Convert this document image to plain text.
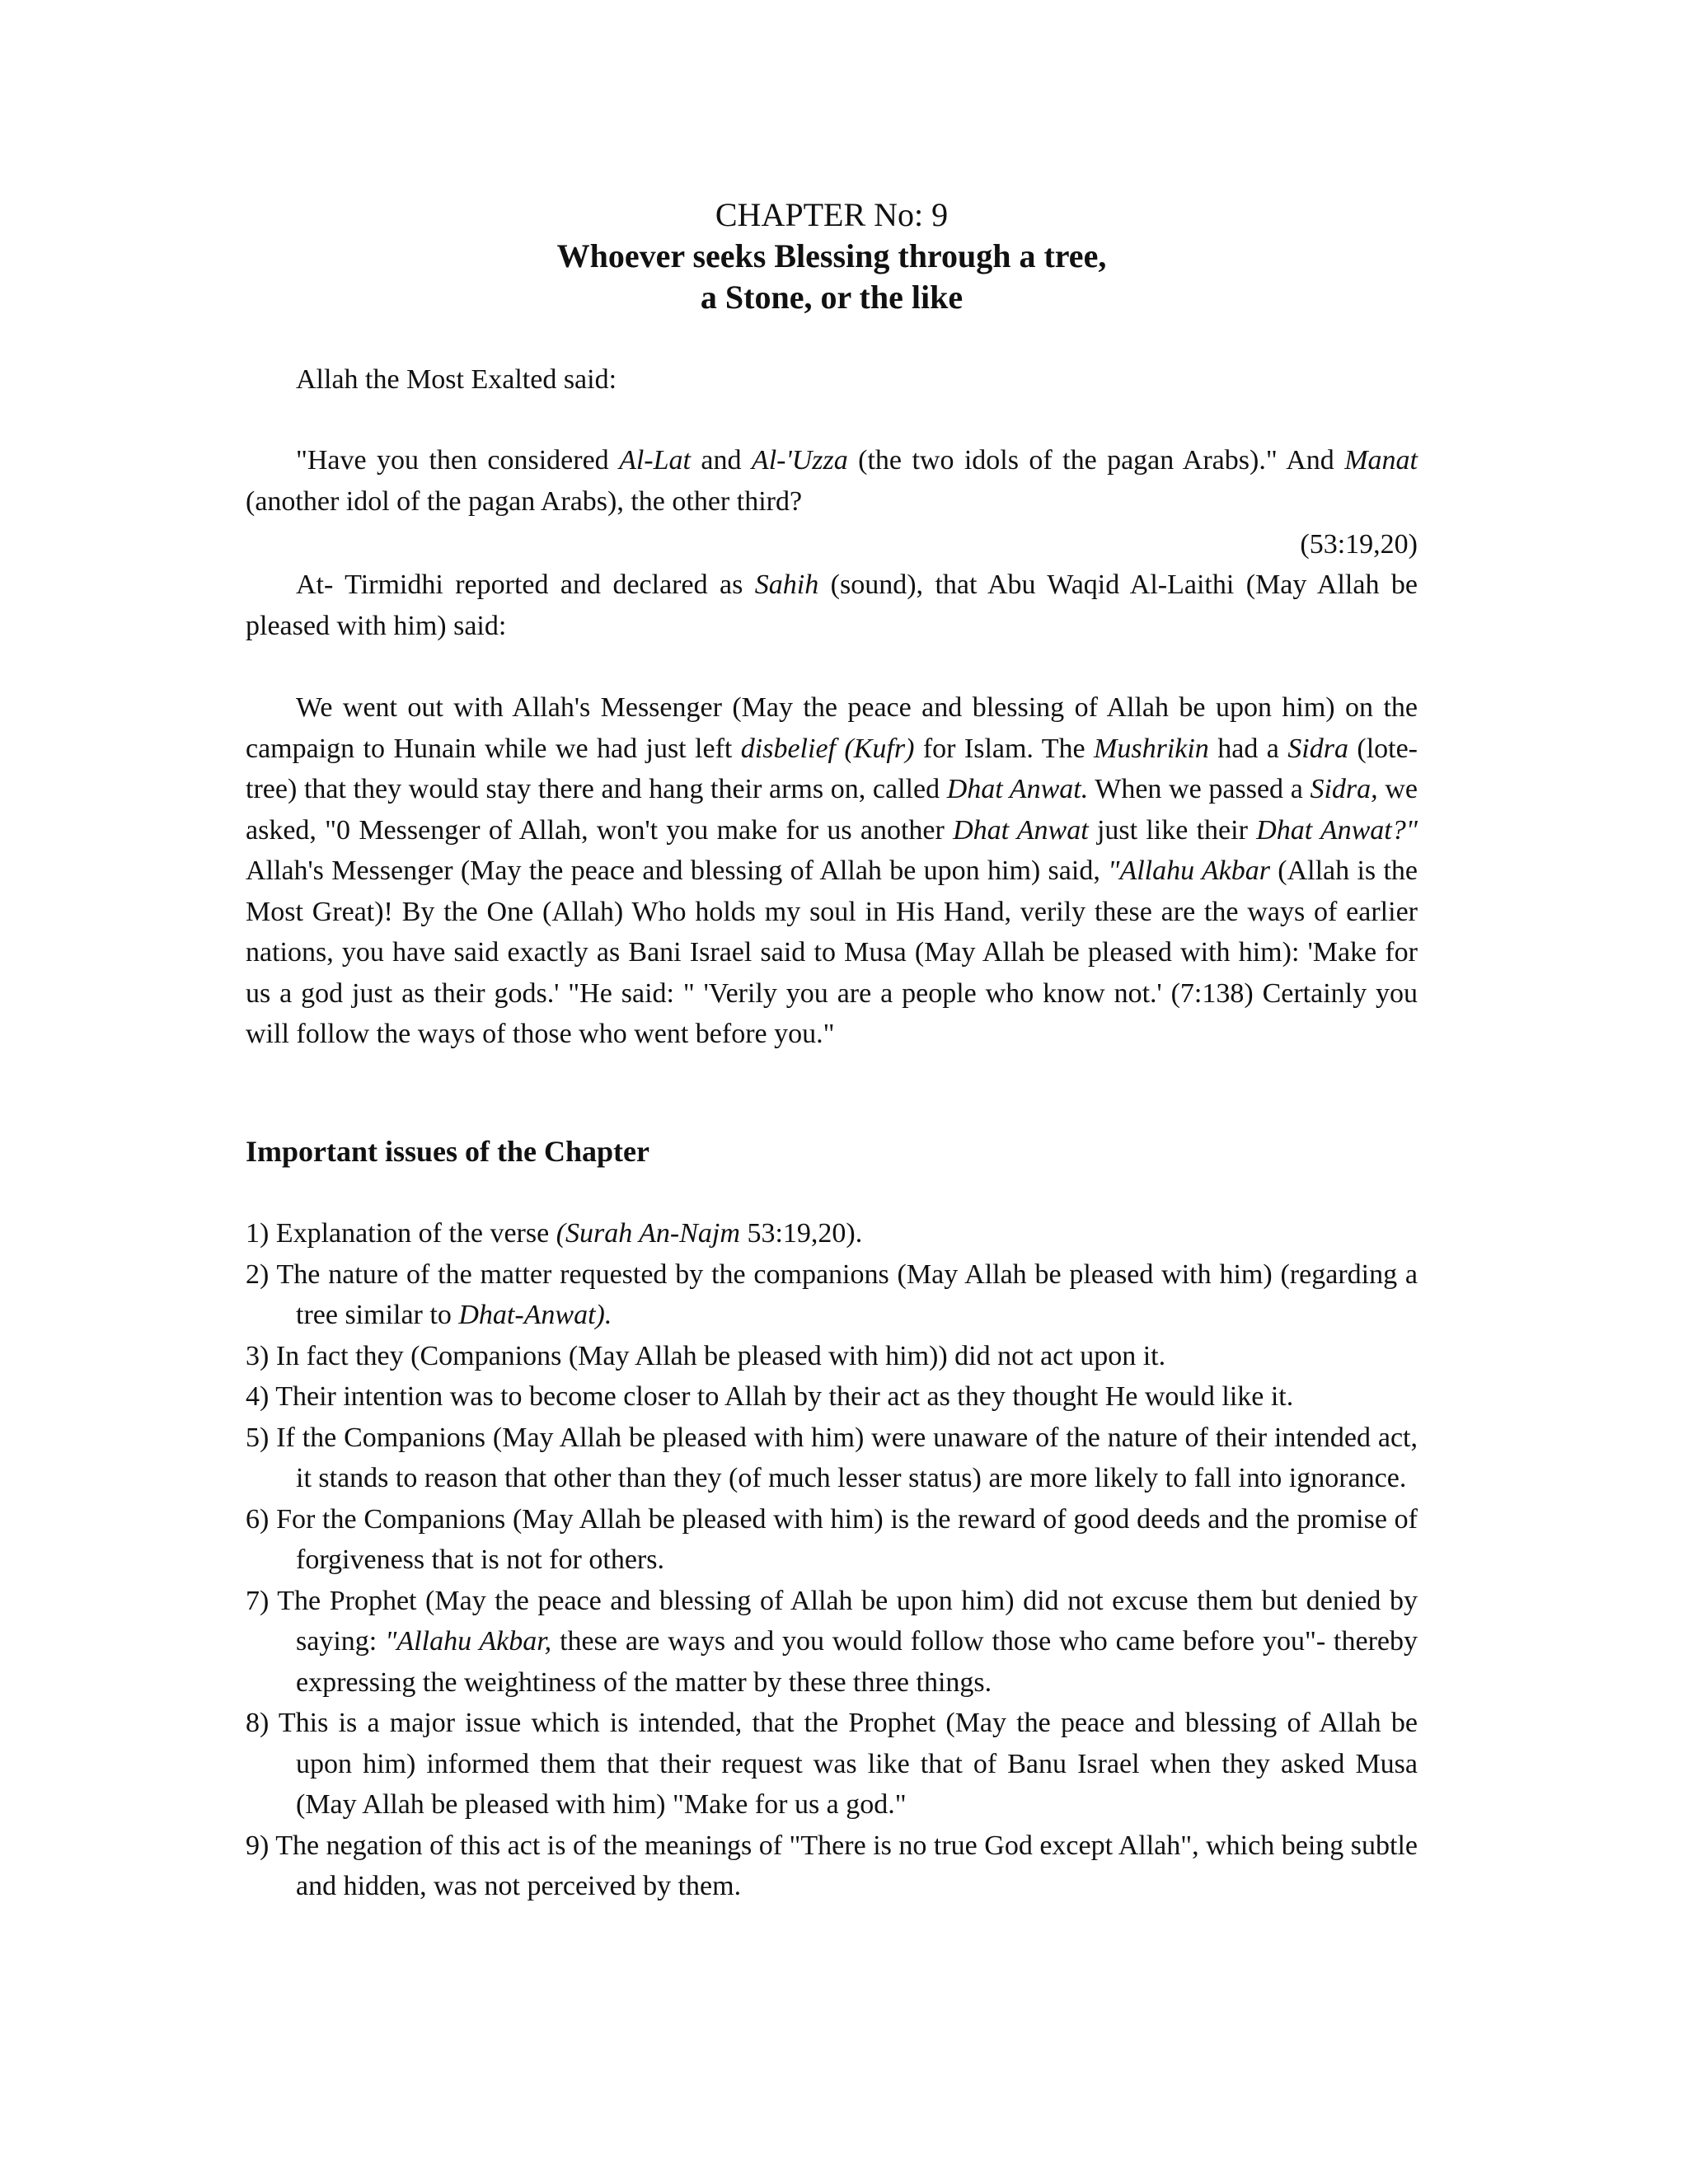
CHAPTER No: 9
Whoever seeks Blessing through a tree,
a Stone, or the like

Allah the Most Exalted said:

"Have you then considered Al-Lat and Al-'Uzza (the two idols of the pagan Arabs)." And Manat (another idol of the pagan Arabs), the other third?

(53:19,20)

At- Tirmidhi reported and declared as Sahih (sound), that Abu Waqid Al-Laithi (May Allah be pleased with him) said:

We went out with Allah's Messenger (May the peace and blessing of Allah be upon him) on the campaign to Hunain while we had just left disbelief (Kufr) for Islam. The Mushrikin had a Sidra (lote-tree) that they would stay there and hang their arms on, called Dhat Anwat. When we passed a Sidra, we asked, "0 Messenger of Allah, won't you make for us another Dhat Anwat just like their Dhat Anwat?" Allah's Messenger (May the peace and blessing of Allah be upon him) said, "Allahu Akbar (Allah is the Most Great)! By the One (Allah) Who holds my soul in His Hand, verily these are the ways of earlier nations, you have said exactly as Bani Israel said to Musa (May Allah be pleased with him): 'Make for us a god just as their gods.' "He said: " 'Verily you are a people who know not.' (7:138) Certainly you will follow the ways of those who went before you."

Important issues of the Chapter
1) Explanation of the verse (Surah An-Najm 53:19,20).
2) The nature of the matter requested by the companions (May Allah be pleased with him) (regarding a tree similar to Dhat-Anwat).
3) In fact they (Companions (May Allah be pleased with him)) did not act upon it.
4) Their intention was to become closer to Allah by their act as they thought He would like it.
5) If the Companions (May Allah be pleased with him) were unaware of the nature of their intended act, it stands to reason that other than they (of much lesser status) are more likely to fall into ignorance.
6) For the Companions (May Allah be pleased with him) is the reward of good deeds and the promise of forgiveness that is not for others.
7) The Prophet (May the peace and blessing of Allah be upon him) did not excuse them but denied by saying: "Allahu Akbar, these are ways and you would follow those who came before you"- thereby expressing the weightiness of the matter by these three things.
8) This is a major issue which is intended, that the Prophet (May the peace and blessing of Allah be upon him) informed them that their request was like that of Banu Israel when they asked Musa (May Allah be pleased with him) "Make for us a god."
9) The negation of this act is of the meanings of "There is no true God except Allah", which being subtle and hidden, was not perceived by them.
